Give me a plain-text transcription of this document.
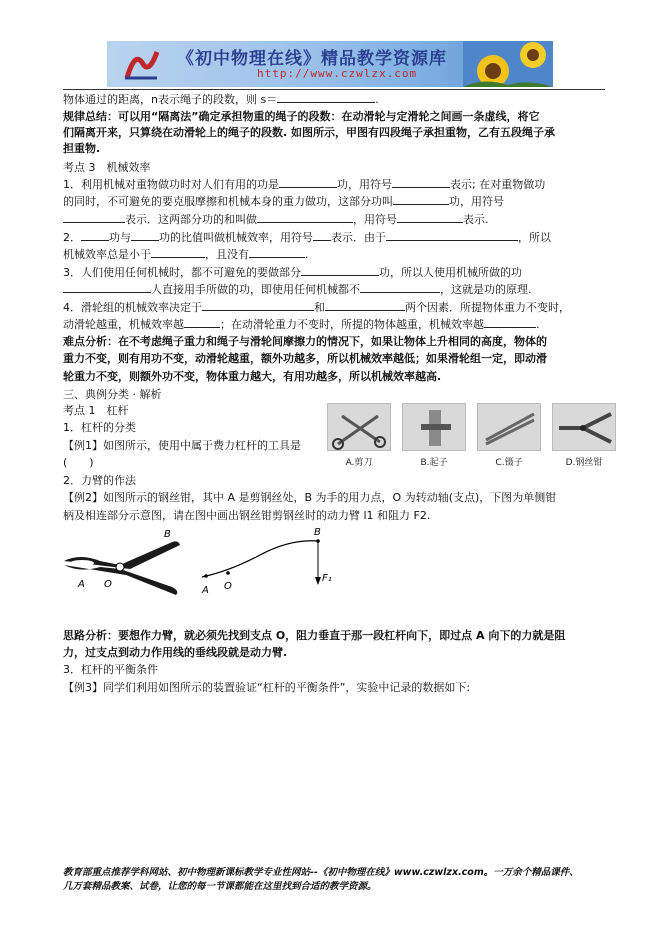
《初中物理在线》精品教学资源库
http://www.czwlzx.com
物体通过的距离，n表示绳子的段数，则 s＝	.
规律总结：可以用“隔离法”确定承担物重的绳子的段数：在动滑轮与定滑轮之间画一条虚线，将它
们隔离开来，只算绕在动滑轮上的绳子的段数. 如图所示，甲图有四段绳子承担重物，乙有五段绳子承
担重物.
考点 3　机械效率
1．利用机械对重物做功时对人们有用的功是	功，用符号	表示; 在对重物做功
的同时，不可避免的要克服摩擦和机械本身的重力做功，这部分功叫	功，用符号
表示．这两部分功的和叫做	，用符号	表示.
2．	功与	功的比值叫做机械效率，用符号 表示．由于	，所以
机械效率总是小于	，且没有	.
3．人们使用任何机械时，都不可避免的要做部分	功，所以人使用机械所做的功
人直接用手所做的功，即使用任何机械都不	，这就是功的原理.
4．滑轮组的机械效率决定于	和	两个因素．所提物体重力不变时，
动滑轮越重，机械效率越	；在动滑轮重力不变时，所提的物体越重，机械效率越	.
难点分析：在不考虑绳子重力和绳子与滑轮间摩擦力的情况下，如果让物体上升相同的高度，物体的
重力不变，则有用功不变，动滑轮越重，额外功越多，所以机械效率越低；如果滑轮组一定，即动滑
轮重力不变，则额外功不变，物体重力越大，有用功越多，所以机械效率越高.
三、典例分类 · 解析
考点 1　杠杆
1．杠杆的分类
【例1】如图所示，使用中属于费力杠杆的工具是
(　　)
2．力臂的作法
【例2】如图所示的钢丝钳，其中 A 是剪钢丝处，B 为手的用力点，O 为转动轴(支点)，下图为单侧钳
柄及相连部分示意图，请在图中画出钢丝钳剪钢丝时的动力臂 l1 和阻力 F2.
A.剪刀	B.起子	C.镊子	D.钢丝钳
A O
B
A O
B
F₁
思路分析：要想作力臂，就必须先找到支点 O，阻力垂直于那一段杠杆向下，即过点 A 向下的力就是阻
力，过支点到动力作用线的垂线段就是动力臂.
3．杠杆的平衡条件
【例3】同学们利用如图所示的装置验证“杠杆的平衡条件”，实验中记录的数据如下:
教育部重点推荐学科网站、初中物理新课标教学专业性网站--《初中物理在线》www.czwlzx.com。一万余个精品课件、
几万套精品教案、试卷，让您的每一节课都能在这里找到合适的教学资源。
